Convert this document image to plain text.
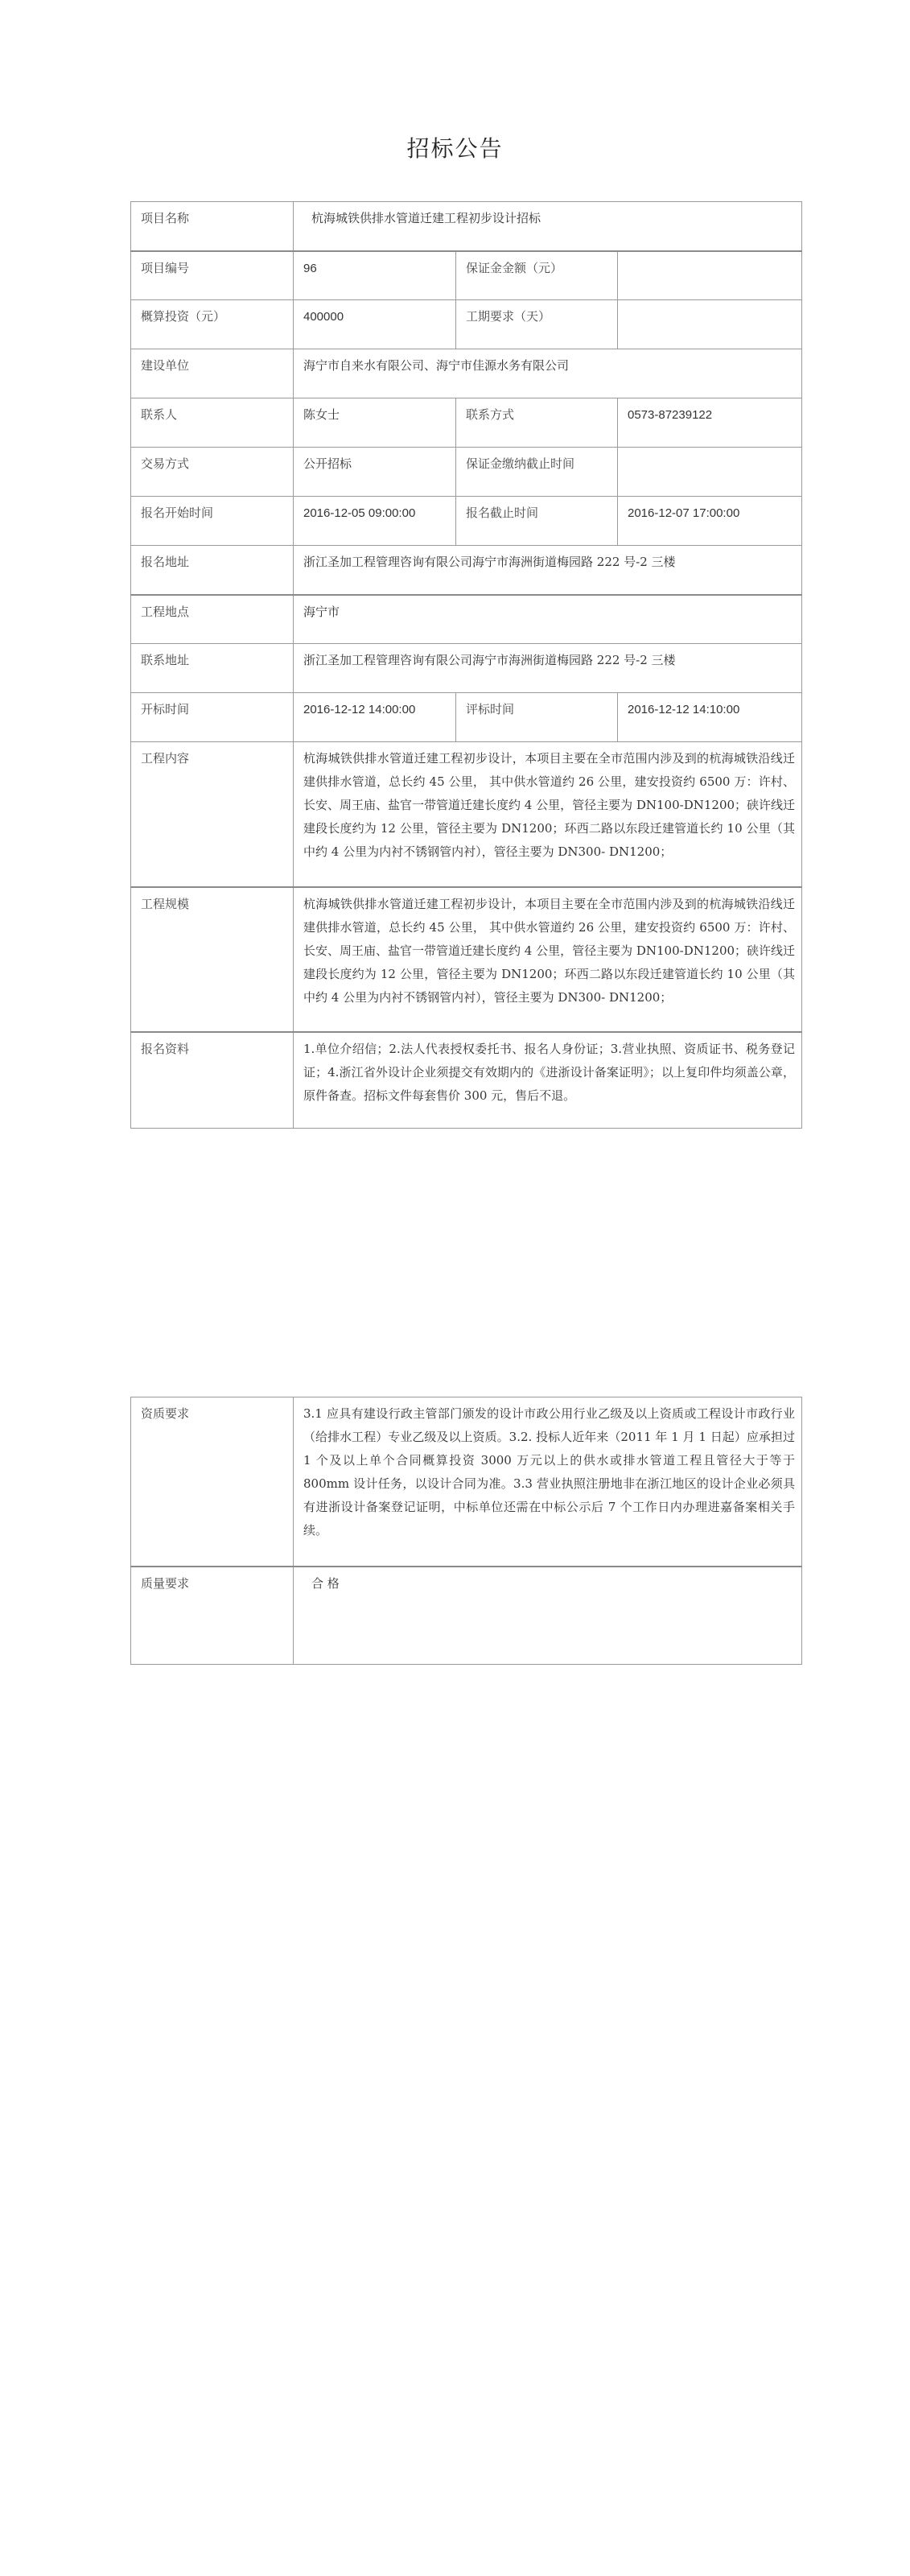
招标公告
项目名称	杭海城铁供排水管道迁建工程初步设计招标		
项目编号	96	保证金金额（元）	
概算投资（元）	400000	工期要求（天）	
建设单位	海宁市自来水有限公司、海宁市佳源水务有限公司		
联系人	陈女士	联系方式	0573-87239122
交易方式	公开招标	保证金缴纳截止时间	
报名开始时间	2016-12-05 09:00:00	报名截止时间	2016-12-07 17:00:00
报名地址	浙江圣加工程管理咨询有限公司海宁市海洲街道梅园路 222 号-2 三楼		
工程地点	海宁市		
联系地址	浙江圣加工程管理咨询有限公司海宁市海洲街道梅园路 222 号-2 三楼		
开标时间	2016-12-12 14:00:00	评标时间	2016-12-12 14:10:00
工程内容	杭海城铁供排水管道迁建工程初步设计，本项目主要在全市范围内涉及到的杭海城铁沿线迁建供排水管道，总长约 45 公里， 其中供水管道约 26 公里，建安投资约 6500 万：许村、长安、周王庙、盐官一带管道迁建长度约 4 公里，管径主要为 DN100-DN1200；硖许线迁建段长度约为 12 公里，管径主要为 DN1200；环西二路以东段迁建管道长约 10 公里（其中约 4 公里为内衬不锈钢管内衬），管径主要为 DN300- DN1200；		
工程规模	杭海城铁供排水管道迁建工程初步设计，本项目主要在全市范围内涉及到的杭海城铁沿线迁建供排水管道，总长约 45 公里， 其中供水管道约 26 公里，建安投资约 6500 万：许村、长安、周王庙、盐官一带管道迁建长度约 4 公里，管径主要为 DN100-DN1200；硖许线迁建段长度约为 12 公里，管径主要为 DN1200；环西二路以东段迁建管道长约 10 公里（其中约 4 公里为内衬不锈钢管内衬），管径主要为 DN300- DN1200；		
报名资料	1.单位介绍信；2.法人代表授权委托书、报名人身份证；3.营业执照、资质证书、税务登记证；4.浙江省外设计企业须提交有效期内的《进浙设计备案证明》；以上复印件均须盖公章，原件备查。招标文件每套售价 300 元，售后不退。		
资质要求	3.1 应具有建设行政主管部门颁发的设计市政公用行业乙级及以上资质或工程设计市政行业（给排水工程）专业乙级及以上资质。3.2. 投标人近年来（2011 年 1 月 1 日起）应承担过 1 个及以上单个合同概算投资 3000 万元以上的供水或排水管道工程且管径大于等于 800mm 设计任务，以设计合同为准。3.3 营业执照注册地非在浙江地区的设计企业必须具有进浙设计备案登记证明，中标单位还需在中标公示后 7 个工作日内办理进嘉备案相关手续。
质量要求	合 格
